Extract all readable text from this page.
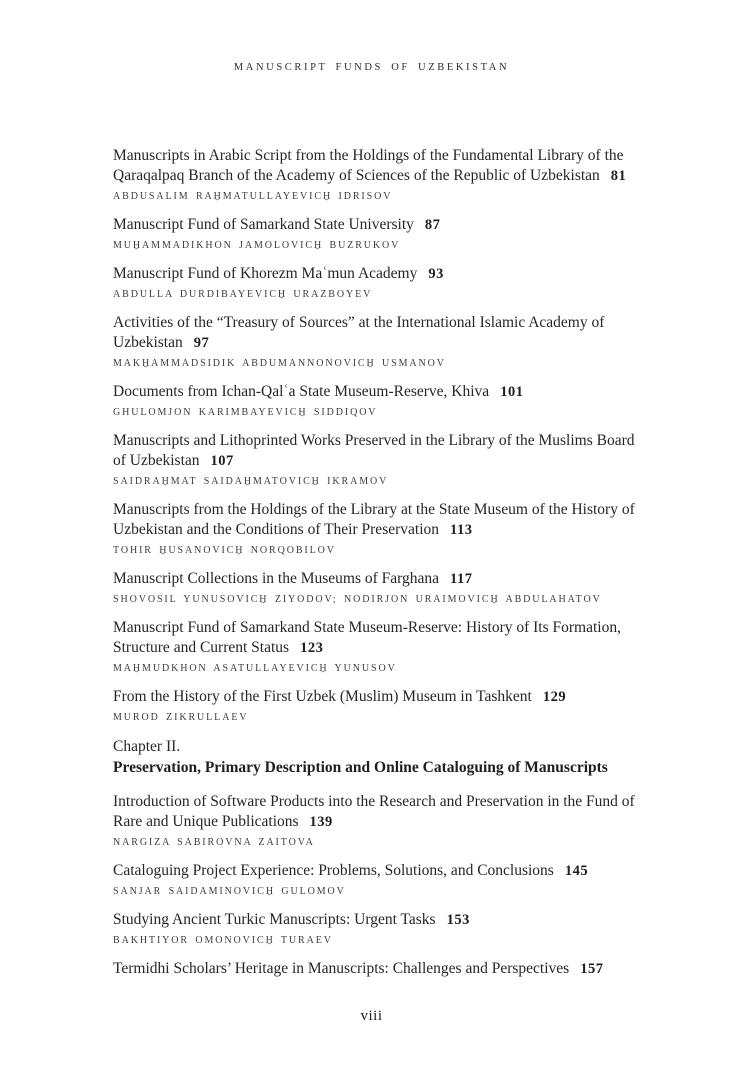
MANUSCRIPT FUNDS OF UZBEKISTAN

Manuscripts in Arabic Script from the Holdings of the Fundamental Library of the Qaraqalpaq Branch of the Academy of Sciences of the Republic of Uzbekistan 81

ABDUSALIM RAH̱MATULLAYEVICH̱ IDRISOV

Manuscript Fund of Samarkand State University 87

MUH̱AMMADIKHON JAMOLOVICH̱ BUZRUKOV

Manuscript Fund of Khorezm Maʿmun Academy 93

ABDULLA DURDIBAYEVICH̱ URAZBOYEV

Activities of the “Treasury of Sources” at the International Islamic Academy of Uzbekistan 97

MAKH̱AMMADSIDIK ABDUMANNONOVICH̱ USMANOV

Documents from Ichan-Qalʿa State Museum-Reserve, Khiva 101

GHULOMJON KARIMBAYEVICH̱ SIDDIQOV

Manuscripts and Lithoprinted Works Preserved in the Library of the Muslims Board of Uzbekistan 107

SAIDRAH̱MAT SAIDAH̱MATOVICH̱ IKRAMOV

Manuscripts from the Holdings of the Library at the State Museum of the History of Uzbekistan and the Conditions of Their Preservation 113

TOHIR H̱USANOVICH̱ NORQOBILOV

Manuscript Collections in the Museums of Farghana 117

SHOVOSIL YUNUSOVICH̱ ZIYODOV; NODIRJON URAIMOVICH̱ ABDULAHATOV

Manuscript Fund of Samarkand State Museum-Reserve: History of Its Formation, Structure and Current Status 123

MAH̱MUDKHON ASATULLAYEVICH̱ YUNUSOV

From the History of the First Uzbek (Muslim) Museum in Tashkent 129

MUROD ZIKRULLAEV

Chapter II.

Preservation, Primary Description and Online Cataloguing of Manuscripts

Introduction of Software Products into the Research and Preservation in the Fund of Rare and Unique Publications 139

NARGIZA SABIROVNA ZAITOVA

Cataloguing Project Experience: Problems, Solutions, and Conclusions 145

SANJAR SAIDAMINOVICH̱ GULOMOV

Studying Ancient Turkic Manuscripts: Urgent Tasks 153

BAKHTIYOR OMONOVICH̱ TURAEV

Termidhi Scholars’ Heritage in Manuscripts: Challenges and Perspectives 157

viii
